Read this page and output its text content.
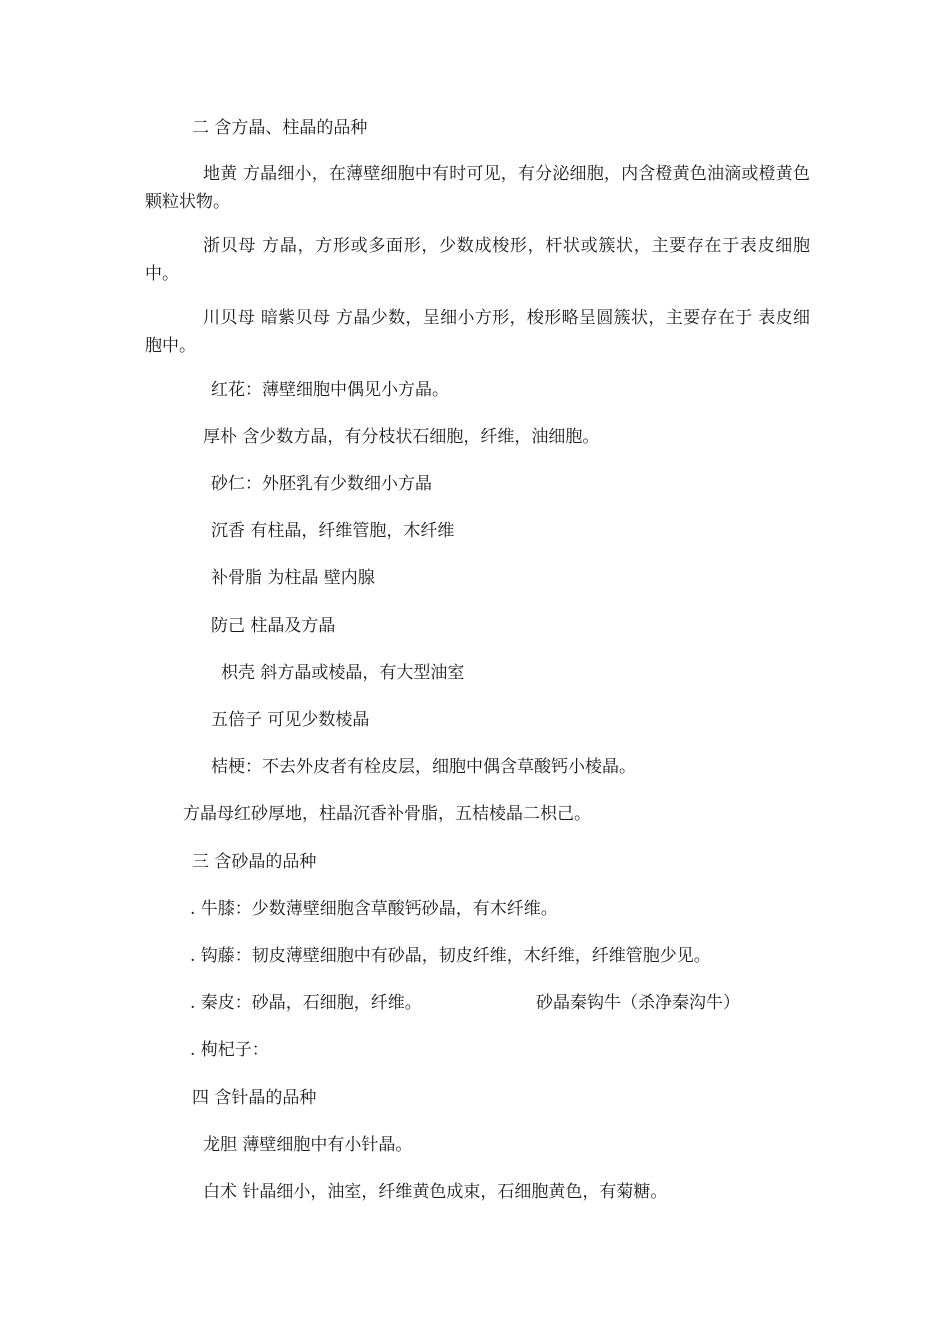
二 含方晶、柱晶的品种
地黄 方晶细小，在薄壁细胞中有时可见，有分泌细胞，内含橙黄色油滴或橙黄色颗粒状物。
浙贝母 方晶，方形或多面形，少数成梭形，杆状或簇状，主要存在于表皮细胞中。
川贝母 暗紫贝母 方晶少数，呈细小方形，梭形略呈圆簇状，主要存在于 表皮细胞中。
红花：薄壁细胞中偶见小方晶。
厚朴 含少数方晶，有分枝状石细胞，纤维，油细胞。
砂仁：外胚乳有少数细小方晶
沉香 有柱晶，纤维管胞，木纤维
补骨脂 为柱晶 壁内腺
防己 柱晶及方晶
枳壳 斜方晶或棱晶，有大型油室
五倍子 可见少数棱晶
桔梗：不去外皮者有栓皮层，细胞中偶含草酸钙小棱晶。
方晶母红砂厚地，柱晶沉香补骨脂，五桔棱晶二枳己。
三 含砂晶的品种
. 牛膝：少数薄壁细胞含草酸钙砂晶，有木纤维。
. 钩藤：韧皮薄壁细胞中有砂晶，韧皮纤维，木纤维，纤维管胞少见。
. 秦皮：砂晶，石细胞，纤维。	砂晶秦钩牛（杀净秦沟牛）
. 枸杞子：
四 含针晶的品种
龙胆 薄壁细胞中有小针晶。
白术 针晶细小，油室，纤维黄色成束，石细胞黄色，有菊糖。
